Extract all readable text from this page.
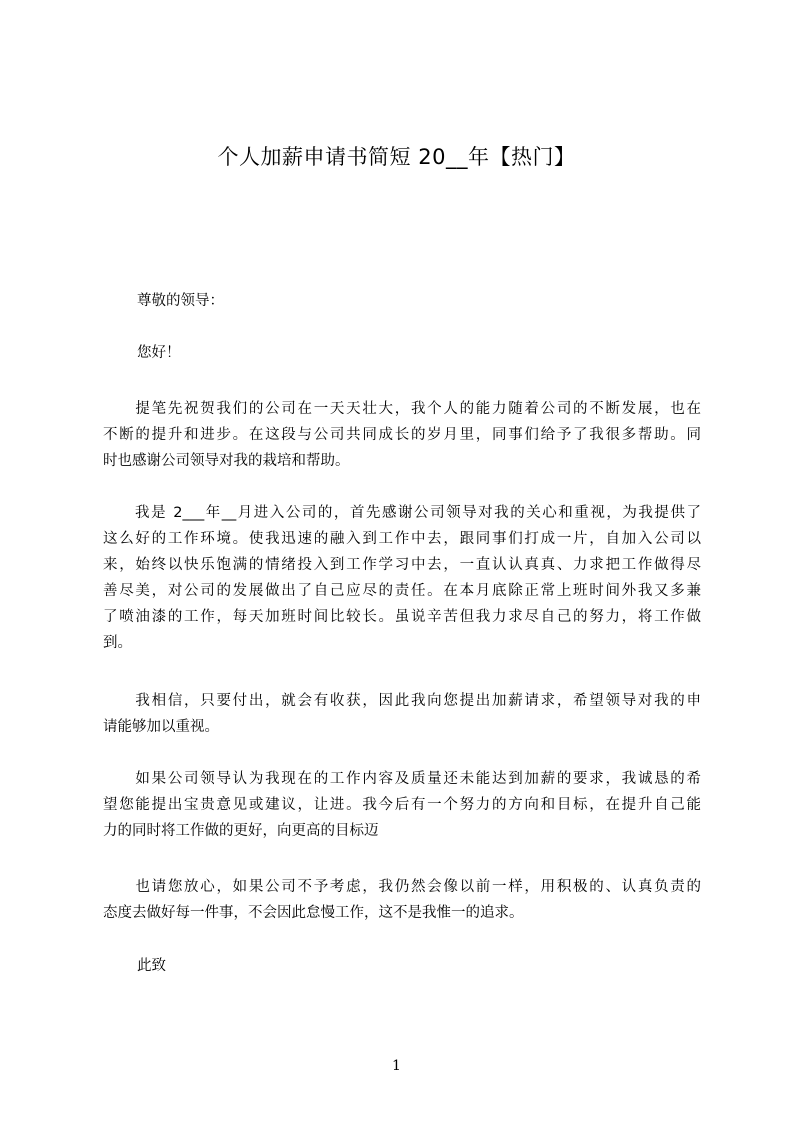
个人加薪申请书简短 20__年【热门】
尊敬的领导：
您好！
　　提笔先祝贺我们的公司在一天天壮大，我个人的能力随着公司的不断发展，也在
不断的提升和进步。在这段与公司共同成长的岁月里，同事们给予了我很多帮助。同
时也感谢公司领导对我的栽培和帮助。
　　我是 2___年__月进入公司的，首先感谢公司领导对我的关心和重视，为我提供了
这么好的工作环境。使我迅速的融入到工作中去，跟同事们打成一片，自加入公司以
来，始终以快乐饱满的情绪投入到工作学习中去，一直认认真真、力求把工作做得尽
善尽美，对公司的发展做出了自己应尽的责任。在本月底除正常上班时间外我又多兼
了喷油漆的工作，每天加班时间比较长。虽说辛苦但我力求尽自己的努力，将工作做
到。
　　我相信，只要付出，就会有收获，因此我向您提出加薪请求，希望领导对我的申
请能够加以重视。
　　如果公司领导认为我现在的工作内容及质量还未能达到加薪的要求，我诚恳的希
望您能提出宝贵意见或建议，让进。我今后有一个努力的方向和目标，在提升自己能
力的同时将工作做的更好，向更高的目标迈
　　也请您放心，如果公司不予考虑，我仍然会像以前一样，用积极的、认真负责的
态度去做好每一件事，不会因此怠慢工作，这不是我惟一的追求。
此致
1
